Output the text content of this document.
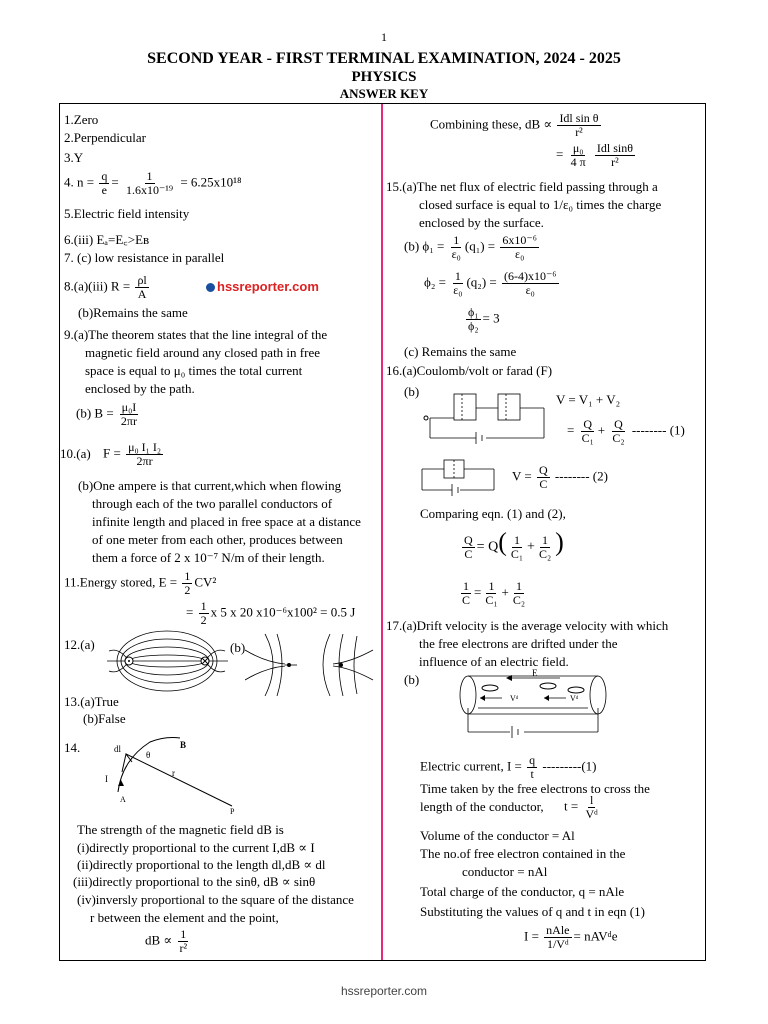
1
SECOND YEAR - FIRST TERMINAL EXAMINATION, 2024 - 2025
PHYSICS
ANSWER KEY
1.Zero
2.Perpendicular
3.Y
4. $n = \frac{q}{e} = \frac{1}{\text{1.6x10⁻¹⁹}} = 6.25x10^{18}$
5.Electric field intensity
6.(iii) Eₐ=E꜀>Eʙ
7. (c) low resistance in parallel
8.(a)(iii) $R = \frac{\rho l}{A}$	hssreporter.com
(b)Remains the same
9.(a)The theorem states that the line integral of the
magnetic field around any closed path in free
space is equal to μ₀ times the total current
enclosed by the path.
(b) $B = \frac{\text{μ₀I}}{2\pi r}$
10.(a) $F = \frac{\text{μ₀ I₁ I₂}}{2\pi r}$
(b)One ampere is that current,which when flowing
through each of the two parallel conductors of
infinite length and placed in free space at a distance
of one meter from each other, produces between
them a force of 2 x 10⁻⁷ N/m of their length.
11.Energy stored, $E = \frac{1}{2} CV^2$
= $\frac{1}{2}$ x 5 x 20 x10⁻⁶x100² = 0.5 J
12.(a)	(b)
13.(a)True
(b)False
14.	dl
θ
B
r
I
A
P
The strength of the magnetic field dB is
(i)directly proportional to the current I,dB ∝ I
(ii)directly proportional to the length dl,dB ∝ dl
(iii)directly proportional to the sinθ, dB ∝ sinθ
(iv)inversly proportional to the square of the distance
r between the element and the point,
dB ∝ $\frac{1}{\text{r²}}$
Combining these, dB ∝ $\frac{\text{Idl sin θ}}{\text{r²}}$
= $\frac{\text{μ₀}}{4 \pi}$
$\frac{\text{Idl sinθ}}{\text{r²}}$
15.(a)The net flux of electric field passing through a
closed surface is equal to 1/ε₀ times the charge
enclosed by the surface.
(b) $\phi_1 = \frac{1}{\text{ε₀}} (q_1) = \frac{\text{6x10⁻⁶}}{\text{ε₀}}$
$\phi_2 = \frac{1}{\text{ε₀}} (q_2) = \frac{\text{(6-4)x10⁻⁶}}{\text{ε₀}}$
$\frac{\text{ϕ₁}}{\text{ϕ₂}} = 3$
(c) Remains the same
16.(a)Coulomb/volt or farad (F)
(b)
V = V₁ + V₂
= $\frac{Q}{\text{C₁}} + \frac{Q}{\text{C₂}}$ -------- (1)
$V = \frac{Q}{C}$ -------- (2)
Comparing eqn. (1) and (2),
$\frac{Q}{C} = Q( \frac{1}{\text{C₁}} + \frac{1}{\text{C₂}}$ )
$\frac{1}{C} = \frac{1}{\text{C₁}} + \frac{1}{\text{C₂}}$
17.(a)Drift velocity is the average velocity with which
the free electrons are drifted under the
influence of an electric field.
(b)	E
Vᵈ	Vᵈ
Electric current, $I = \frac{q}{t} ---------(1)$
Time taken by the free electrons to cross the
length of the conductor, $t = \frac{l}{\text{Vᵈ}}$
Volume of the conductor = Al
The no.of free electron contained in the
conductor = nAl
Total charge of the conductor, q = nAle
Substituting the values of q and t in eqn (1)
$I = \frac{\text{nAle}}{\text{1/Vᵈ}}$ = nAVᵈe
hssreporter.com
